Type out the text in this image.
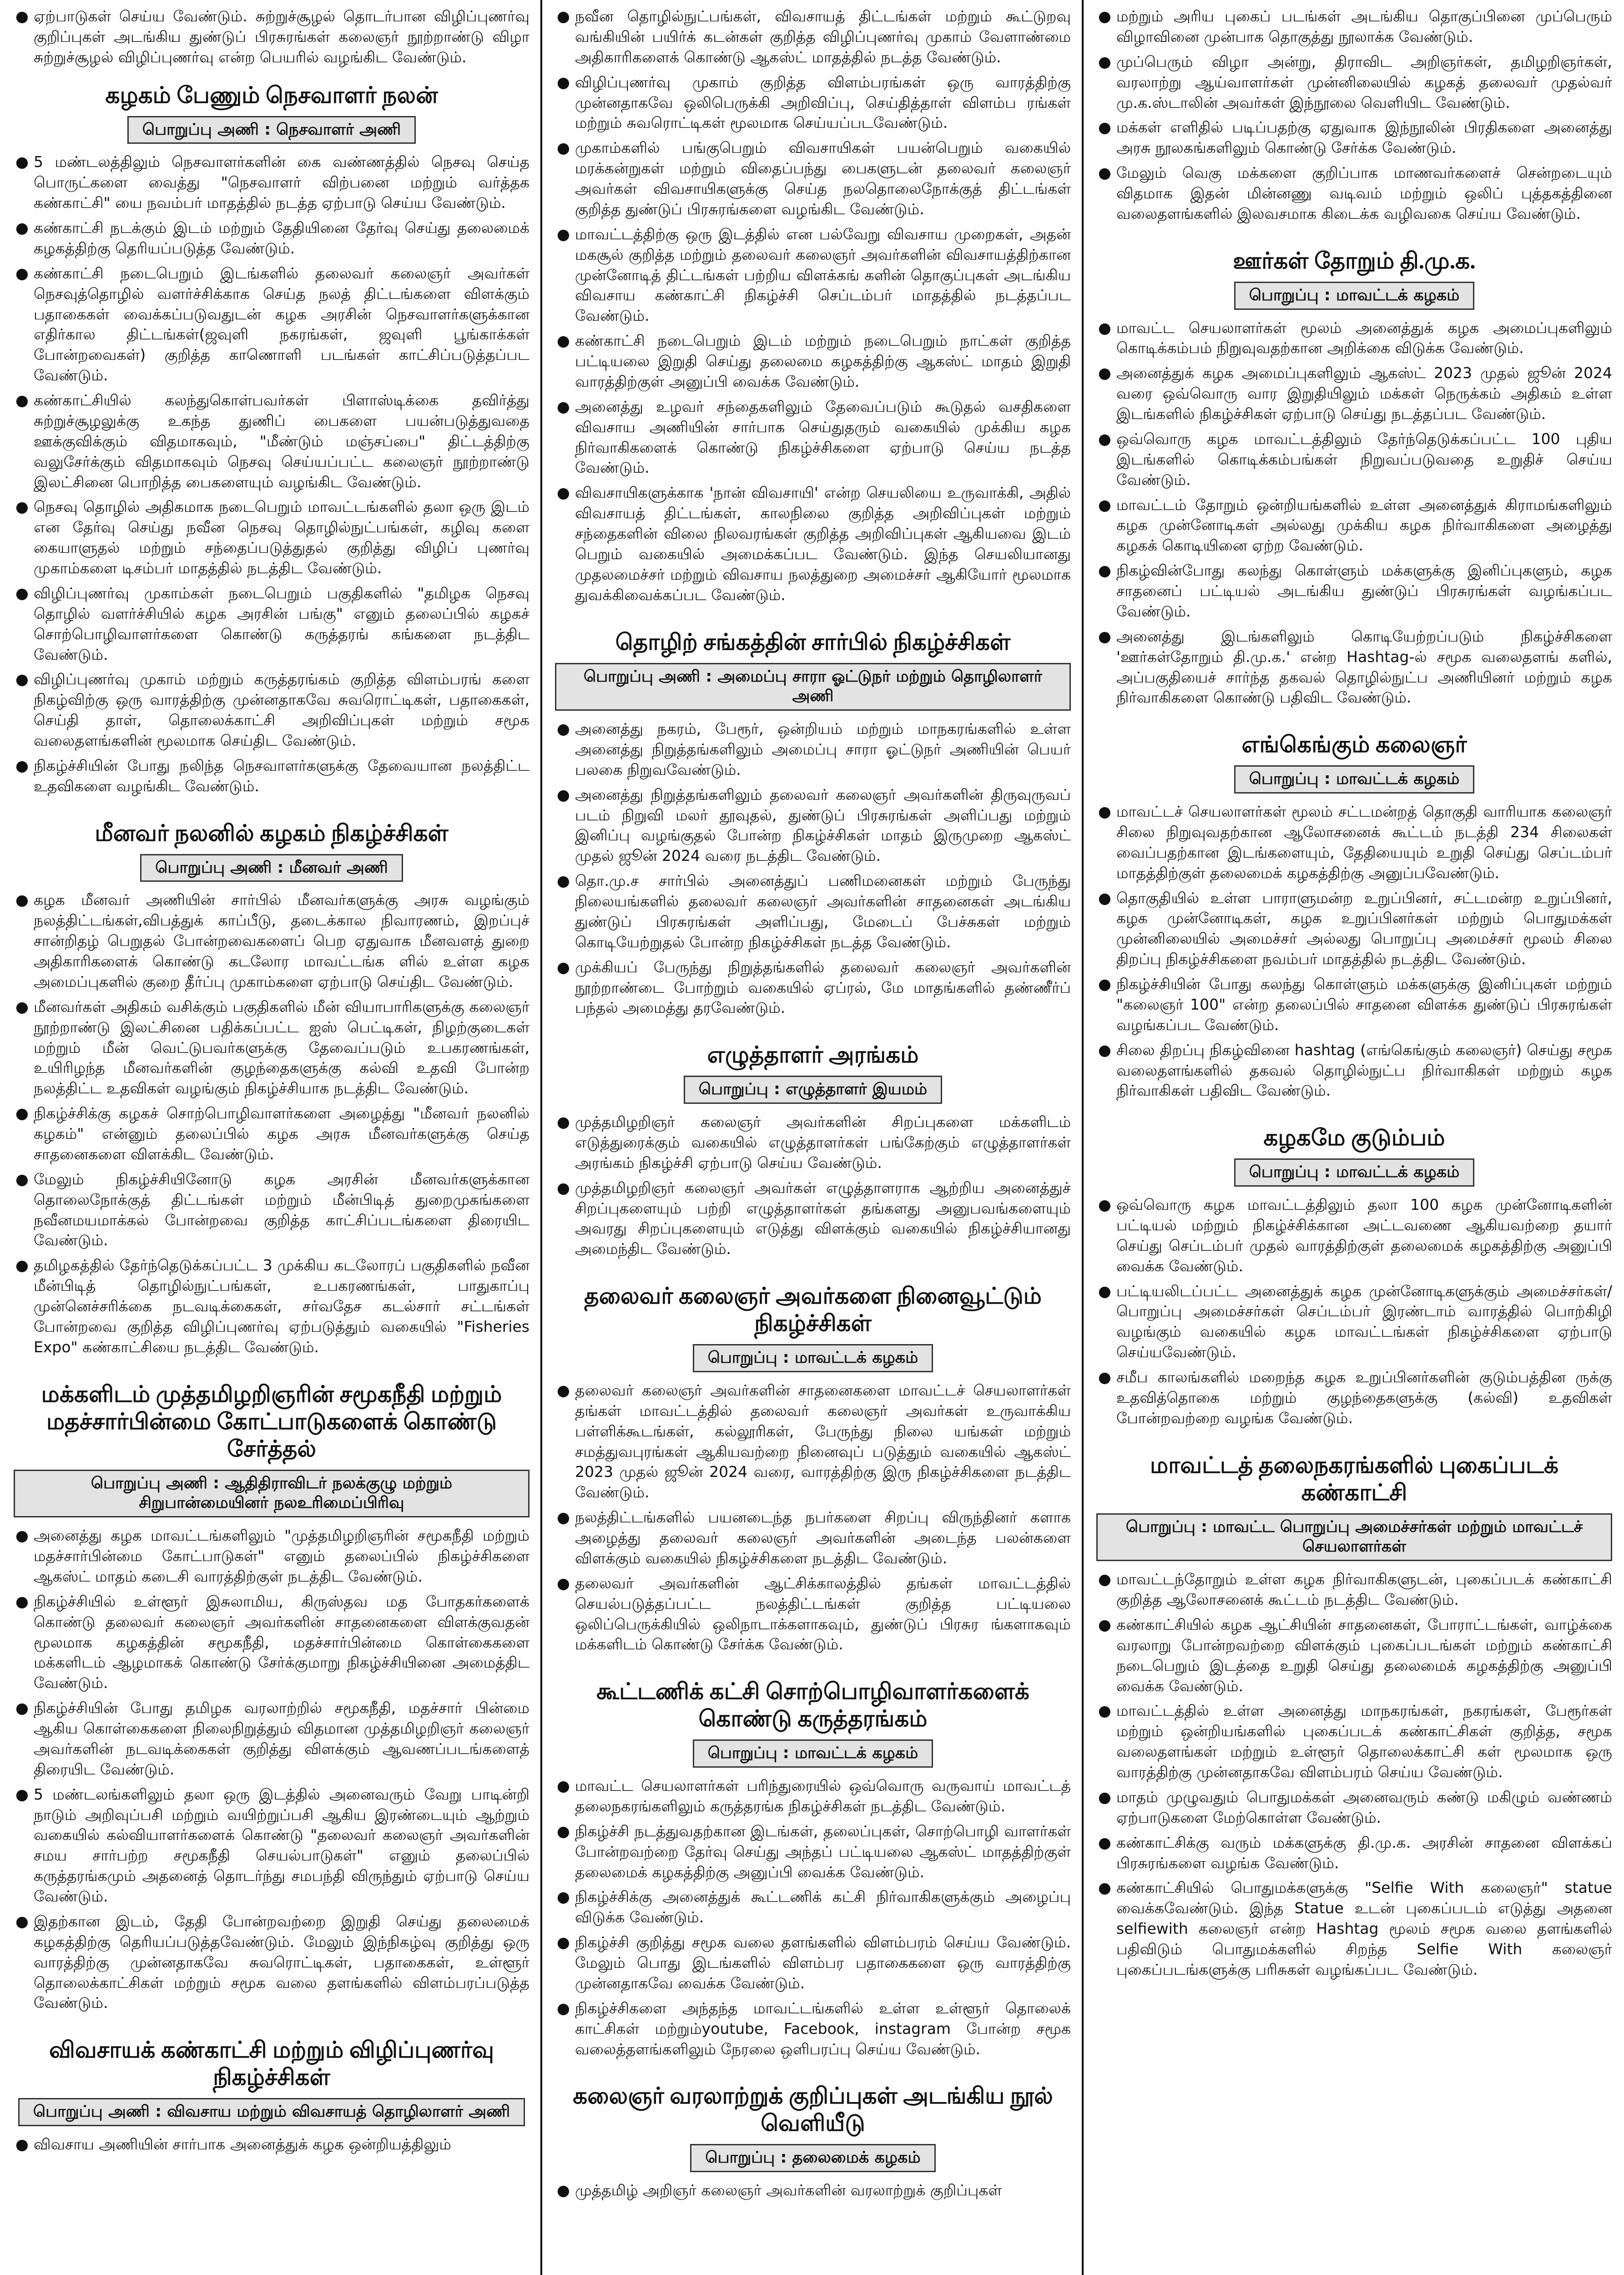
● ஏற்பாடுகள் செய்ய வேண்டும். சுற்றுச்சூழல் தொடர்பான விழிப்புணர்வு குறிப்புகள் அடங்கிய துண்டுப் பிரசுரங்கள் கலைஞர் நூற்றாண்டு விழா சுற்றுச்சூழல் விழிப்புணர்வு என்ற பெயரில் வழங்கிட வேண்டும்.
கழகம் பேணும் நெசவாளர் நலன்
பொறுப்பு அணி : நெசவாளர் அணி
● 5 மண்டலத்திலும் நெசவாளர்களின் கை வண்ணத்தில் நெசவு செய்த பொருட்களை வைத்து "நெசவாளர் விற்பனை மற்றும் வர்த்தக கண்காட்சி" யை நவம்பர் மாதத்தில் நடத்த ஏற்பாடு செய்ய வேண்டும்.
● கண்காட்சி நடக்கும் இடம் மற்றும் தேதியினை தேர்வு செய்து தலைமைக் கழகத்திற்கு தெரியப்படுத்த வேண்டும்.
● கண்காட்சி நடைபெறும் இடங்களில் தலைவர் கலைஞர் அவர்கள் நெசவுத்தொழில் வளர்ச்சிக்காக செய்த நலத் திட்டங்களை விளக்கும் பதாகைகள் வைக்கப்படுவதுடன் கழக அரசின் நெசவாளர்களுக்கான எதிர்கால திட்டங்கள்(ஜவுளி நகரங்கள், ஜவுளி பூங்காக்கள் போன்றவைகள்) குறித்த காணொளி படங்கள் காட்சிப்படுத்தப்பட வேண்டும்.
● கண்காட்சியில் கலந்துகொள்பவர்கள் பிளாஸ்டிக்கை தவிர்த்து சுற்றுச்சூழலுக்கு உகந்த துணிப் பைகளை பயன்படுத்துவதை ஊக்குவிக்கும் விதமாகவும், "மீண்டும் மஞ்சப்பை" திட்டத்திற்கு வலுசேர்க்கும் விதமாகவும் நெசவு செய்யப்பட்ட கலைஞர் நூற்றாண்டு இலட்சினை பொறித்த பைகளையும் வழங்கிட வேண்டும்.
● நெசவு தொழில் அதிகமாக நடைபெறும் மாவட்டங்களில் தலா ஒரு இடம் என தேர்வு செய்து நவீன நெசவு தொழில்நுட்பங்கள், கழிவு களை கையாளுதல் மற்றும் சந்தைப்படுத்துதல் குறித்து விழிப் புணர்வு முகாம்களை டிசம்பர் மாதத்தில் நடத்திட வேண்டும்.
● விழிப்புணர்வு முகாம்கள் நடைபெறும் பகுதிகளில் "தமிழக நெசவு தொழில் வளர்ச்சியில் கழக அரசின் பங்கு" எனும் தலைப்பில் கழகச் சொற்பொழிவாளர்களை கொண்டு கருத்தரங் கங்களை நடத்திட வேண்டும்.
● விழிப்புணர்வு முகாம் மற்றும் கருத்தரங்கம் குறித்த விளம்பரங் களை நிகழ்விற்கு ஒரு வாரத்திற்கு முன்னதாகவே சுவரொட்டிகள், பதாகைகள், செய்தி தாள், தொலைக்காட்சி அறிவிப்புகள் மற்றும் சமூக வலைதளங்களின் மூலமாக செய்திட வேண்டும்.
● நிகழ்ச்சியின் போது நலிந்த நெசவாளர்களுக்கு தேவையான நலத்திட்ட உதவிகளை வழங்கிட வேண்டும்.
மீனவர் நலனில் கழகம் நிகழ்ச்சிகள்
பொறுப்பு அணி : மீனவர் அணி
● கழக மீனவர் அணியின் சார்பில் மீனவர்களுக்கு அரசு வழங்கும் நலத்திட்டங்கள்,விபத்துக் காப்பீடு, தடைக்கால நிவாரணம், இறப்புச் சான்றிதழ் பெறுதல் போன்றவைகளைப் பெற ஏதுவாக மீனவளத் துறை அதிகாரிகளைக் கொண்டு கடலோர மாவட்டங்க ளில் உள்ள கழக அமைப்புகளில் குறை தீர்ப்பு முகாம்களை ஏற்பாடு செய்திட வேண்டும்.
● மீனவர்கள் அதிகம் வசிக்கும் பகுதிகளில் மீன் வியாபாரிகளுக்கு கலைஞர் நூற்றாண்டு இலட்சினை பதிக்கப்பட்ட ஐஸ் பெட்டிகள், நிழற்குடைகள் மற்றும் மீன் வெட்டுபவர்களுக்கு தேவைப்படும் உபகரணங்கள், உயிரிழந்த மீனவர்களின் குழந்தைகளுக்கு கல்வி உதவி போன்ற நலத்திட்ட உதவிகள் வழங்கும் நிகழ்ச்சியாக நடத்திட வேண்டும்.
● நிகழ்ச்சிக்கு கழகச் சொற்பொழிவாளர்களை அழைத்து "மீனவர் நலனில் கழகம்" என்னும் தலைப்பில் கழக அரசு மீனவர்களுக்கு செய்த சாதனைகளை விளக்கிட வேண்டும்.
● மேலும் நிகழ்ச்சியினோடு கழக அரசின் மீனவர்களுக்கான தொலைநோக்குத் திட்டங்கள் மற்றும் மீன்பிடித் துறைமுகங்களை நவீனமயமாக்கல் போன்றவை குறித்த காட்சிப்படங்களை திரையிட வேண்டும்.
● தமிழகத்தில் தேர்ந்தெடுக்கப்பட்ட 3 முக்கிய கடலோரப் பகுதிகளில் நவீன மீன்பிடித் தொழில்நுட்பங்கள், உபகரணங்கள், பாதுகாப்பு முன்னெச்சரிக்கை நடவடிக்கைகள், சர்வதேச கடல்சார் சட்டங்கள் போன்றவை குறித்த விழிப்புணர்வு ஏற்படுத்தும் வகையில் "Fisheries Expo" கண்காட்சியை நடத்திட வேண்டும்.
மக்களிடம் முத்தமிழறிஞரின் சமூகநீதி மற்றும் மதச்சார்பின்மை கோட்பாடுகளைக் கொண்டு சேர்த்தல்
பொறுப்பு அணி : ஆதிதிராவிடர் நலக்குழு மற்றும் சிறுபான்மையினர் நலஉரிமைப்பிரிவு
● அனைத்து கழக மாவட்டங்களிலும் "முத்தமிழறிஞரின் சமூகநீதி மற்றும் மதச்சார்பின்மை கோட்பாடுகள்" எனும் தலைப்பில் நிகழ்ச்சிகளை ஆகஸ்ட் மாதம் கடைசி வாரத்திற்குள் நடத்திட வேண்டும்.
● நிகழ்ச்சியில் உள்ளூர் இசுலாமிய, கிருஸ்தவ மத போதகர்களைக் கொண்டு தலைவர் கலைஞர் அவர்களின் சாதனைகளை விளக்குவதன் மூலமாக கழகத்தின் சமூகநீதி, மதச்சார்பின்மை கொள்கைகளை மக்களிடம் ஆழமாகக் கொண்டு சேர்க்குமாறு நிகழ்ச்சியினை அமைத்திட வேண்டும்.
● நிகழ்ச்சியின் போது தமிழக வரலாற்றில் சமூகநீதி, மதச்சார் பின்மை ஆகிய கொள்கைகளை நிலைநிறுத்தும் விதமான முத்தமிழறிஞர் கலைஞர் அவர்களின் நடவடிக்கைகள் குறித்து விளக்கும் ஆவணப்படங்களைத் திரையிட வேண்டும்.
● 5 மண்டலங்களிலும் தலா ஒரு இடத்தில் அனைவரும் வேறு பாடின்றி நாடும் அறிவுப்பசி மற்றும் வயிற்றுப்பசி ஆகிய இரண்டையும் ஆற்றும் வகையில் கல்வியாளர்களைக் கொண்டு "தலைவர் கலைஞர் அவர்களின் சமய சார்பற்ற சமூகநீதி செயல்பாடுகள்" எனும் தலைப்பில் கருத்தரங்கமும் அதனைத் தொடர்ந்து சமபந்தி விருந்தும் ஏற்பாடு செய்ய வேண்டும்.
● இதற்கான இடம், தேதி போன்றவற்றை இறுதி செய்து தலைமைக் கழகத்திற்கு தெரியப்படுத்தவேண்டும். மேலும் இந்நிகழ்வு குறித்து ஒரு வாரத்திற்கு முன்னதாகவே சுவரொட்டிகள், பதாகைகள், உள்ளூர் தொலைக்காட்சிகள் மற்றும் சமூக வலை தளங்களில் விளம்பரப்படுத்த வேண்டும்.
விவசாயக் கண்காட்சி மற்றும் விழிப்புணர்வு நிகழ்ச்சிகள்
பொறுப்பு அணி : விவசாய மற்றும் விவசாயத் தொழிலாளர் அணி
● விவசாய அணியின் சார்பாக அனைத்துக் கழக ஒன்றியத்திலும்
● நவீன தொழில்நுட்பங்கள், விவசாயத் திட்டங்கள் மற்றும் கூட்டுறவு வங்கியின் பயிர்க் கடன்கள் குறித்த விழிப்புணர்வு முகாம் வேளாண்மை அதிகாரிகளைக் கொண்டு ஆகஸ்ட் மாதத்தில் நடத்த வேண்டும்.
● விழிப்புணர்வு முகாம் குறித்த விளம்பரங்கள் ஒரு வாரத்திற்கு முன்னதாகவே ஒலிபெருக்கி அறிவிப்பு, செய்தித்தாள் விளம்ப ரங்கள் மற்றும் சுவரொட்டிகள் மூலமாக செய்யப்படவேண்டும்.
● முகாம்களில் பங்குபெறும் விவசாயிகள் பயன்பெறும் வகையில் மரக்கன்றுகள் மற்றும் விதைப்பந்து பைகளுடன் தலைவர் கலைஞர் அவர்கள் விவசாயிகளுக்கு செய்த நலதொலைநோக்குத் திட்டங்கள் குறித்த துண்டுப் பிரசுரங்களை வழங்கிட வேண்டும்.
● மாவட்டத்திற்கு ஒரு இடத்தில் என பல்வேறு விவசாய முறைகள், அதன் மகசூல் குறித்த மற்றும் தலைவர் கலைஞர் அவர்களின் விவசாயத்திற்கான முன்னோடித் திட்டங்கள் பற்றிய விளக்கங் களின் தொகுப்புகள் அடங்கிய விவசாய கண்காட்சி நிகழ்ச்சி செப்டம்பர் மாதத்தில் நடத்தப்பட வேண்டும்.
● கண்காட்சி நடைபெறும் இடம் மற்றும் நடைபெறும் நாட்கள் குறித்த பட்டியலை இறுதி செய்து தலைமை கழகத்திற்கு ஆகஸ்ட் மாதம் இறுதி வாரத்திற்குள் அனுப்பி வைக்க வேண்டும்.
● அனைத்து உழவர் சந்தைகளிலும் தேவைப்படும் கூடுதல் வசதிகளை விவசாய அணியின் சார்பாக செய்துதரும் வகையில் முக்கிய கழக நிர்வாகிகளைக் கொண்டு நிகழ்ச்சிகளை ஏற்பாடு செய்ய நடத்த வேண்டும்.
● விவசாயிகளுக்காக 'நான் விவசாயி' என்ற செயலியை உருவாக்கி, அதில் விவசாயத் திட்டங்கள், காலநிலை குறித்த அறிவிப்புகள் மற்றும் சந்தைகளின் விலை நிலவரங்கள் குறித்த அறிவிப்புகள் ஆகியவை இடம் பெறும் வகையில் அமைக்கப்பட வேண்டும். இந்த செயலியானது முதலமைச்சர் மற்றும் விவசாய நலத்துறை அமைச்சர் ஆகியோர் மூலமாக துவக்கிவைக்கப்பட வேண்டும்.
தொழிற் சங்கத்தின் சார்பில் நிகழ்ச்சிகள்
பொறுப்பு அணி : அமைப்பு சாரா ஓட்டுநர் மற்றும் தொழிலாளர் அணி
● அனைத்து நகரம், பேரூர், ஒன்றியம் மற்றும் மாநகரங்களில் உள்ள அனைத்து நிறுத்தங்களிலும் அமைப்பு சாரா ஓட்டுநர் அணியின் பெயர் பலகை நிறுவவேண்டும்.
● அனைத்து நிறுத்தங்களிலும் தலைவர் கலைஞர் அவர்களின் திருவுருவப் படம் நிறுவி மலர் தூவுதல், துண்டுப் பிரசுரங்கள் அளிப்பது மற்றும் இனிப்பு வழங்குதல் போன்ற நிகழ்ச்சிகள் மாதம் இருமுறை ஆகஸ்ட் முதல் ஜூன் 2024 வரை நடத்திட வேண்டும்.
● தொ.மு.ச சார்பில் அனைத்துப் பணிமனைகள் மற்றும் பேருந்து நிலையங்களில் தலைவர் கலைஞர் அவர்களின் சாதனைகள் அடங்கிய துண்டுப் பிரசுரங்கள் அளிப்பது, மேடைப் பேச்சுகள் மற்றும் கொடியேற்றுதல் போன்ற நிகழ்ச்சிகள் நடத்த வேண்டும்.
● முக்கியப் பேருந்து நிறுத்தங்களில் தலைவர் கலைஞர் அவர்களின் நூற்றாண்டை போற்றும் வகையில் ஏப்ரல், மே மாதங்களில் தண்ணீர்ப் பந்தல் அமைத்து தரவேண்டும்.
எழுத்தாளர் அரங்கம்
பொறுப்பு : எழுத்தாளர் இயமம்
● முத்தமிழறிஞர் கலைஞர் அவர்களின் சிறப்புகளை மக்களிடம் எடுத்துரைக்கும் வகையில் எழுத்தாளர்கள் பங்கேற்கும் எழுத்தாளர்கள் அரங்கம் நிகழ்ச்சி ஏற்பாடு செய்ய வேண்டும்.
● முத்தமிழறிஞர் கலைஞர் அவர்கள் எழுத்தாளராக ஆற்றிய அனைத்துச் சிறப்புகளையும் பற்றி எழுத்தாளர்கள் தங்களது அனுபவங்களையும் அவரது சிறப்புகளையும் எடுத்து விளக்கும் வகையில் நிகழ்ச்சியானது அமைந்திட வேண்டும்.
தலைவர் கலைஞர் அவர்களை நினைவூட்டும் நிகழ்ச்சிகள்
பொறுப்பு : மாவட்டக் கழகம்
● தலைவர் கலைஞர் அவர்களின் சாதனைகளை மாவட்டச் செயலாளர்கள் தங்கள் மாவட்டத்தில் தலைவர் கலைஞர் அவர்கள் உருவாக்கிய பள்ளிக்கூடங்கள், கல்லூரிகள், பேருந்து நிலை யங்கள் மற்றும் சமத்துவபுரங்கள் ஆகியவற்றை நினைவுப் படுத்தும் வகையில் ஆகஸ்ட் 2023 முதல் ஜூன் 2024 வரை, வாரத்திற்கு இரு நிகழ்ச்சிகளை நடத்திட வேண்டும்.
● நலத்திட்டங்களில் பயனடைந்த நபர்களை சிறப்பு விருந்தினர் களாக அழைத்து தலைவர் கலைஞர் அவர்களின் அடைந்த பலன்களை விளக்கும் வகையில் நிகழ்ச்சிகளை நடத்திட வேண்டும்.
● தலைவர் அவர்களின் ஆட்சிக்காலத்தில் தங்கள் மாவட்டத்தில் செயல்படுத்தப்பட்ட நலத்திட்டங்கள் குறித்த பட்டியலை ஒலிப்பெருக்கியில் ஒலிநாடாக்களாகவும், துண்டுப் பிரசுர ங்களாகவும் மக்களிடம் கொண்டு சேர்க்க வேண்டும்.
கூட்டணிக் கட்சி சொற்பொழிவாளர்களைக் கொண்டு கருத்தரங்கம்
பொறுப்பு : மாவட்டக் கழகம்
● மாவட்ட செயலாளர்கள் பரிந்துரையில் ஒவ்வொரு வருவாய் மாவட்டத் தலைநகரங்களிலும் கருத்தரங்க நிகழ்ச்சிகள் நடத்திட வேண்டும்.
● நிகழ்ச்சி நடத்துவதற்கான இடங்கள், தலைப்புகள், சொற்பொழி வாளர்கள் போன்றவற்றை தேர்வு செய்து அந்தப் பட்டியலை ஆகஸ்ட் மாதத்திற்குள் தலைமைக் கழகத்திற்கு அனுப்பி வைக்க வேண்டும்.
● நிகழ்ச்சிக்கு அனைத்துக் கூட்டணிக் கட்சி நிர்வாகிகளுக்கும் அழைப்பு விடுக்க வேண்டும்.
● நிகழ்ச்சி குறித்து சமூக வலை தளங்களில் விளம்பரம் செய்ய வேண்டும். மேலும் பொது இடங்களில் விளம்பர பதாகைகளை ஒரு வாரத்திற்கு முன்னதாகவே வைக்க வேண்டும்.
● நிகழ்ச்சிகளை அந்தந்த மாவட்டங்களில் உள்ள உள்ளூர் தொலைக் காட்சிகள் மற்றும்youtube, Facebook, instagram போன்ற சமூக வலைத்தளங்களிலும் நேரலை ஒளிபரப்பு செய்ய வேண்டும்.
கலைஞர் வரலாற்றுக் குறிப்புகள் அடங்கிய நூல் வெளியீடு
பொறுப்பு : தலைமைக் கழகம்
● முத்தமிழ் அறிஞர் கலைஞர் அவர்களின் வரலாற்றுக் குறிப்புகள்
● மற்றும் அரிய புகைப் படங்கள் அடங்கிய தொகுப்பினை முப்பெரும் விழாவினை முன்பாக தொகுத்து நூலாக்க வேண்டும்.
● முப்பெரும் விழா அன்று, திராவிட அறிஞர்கள், தமிழறிஞர்கள், வரலாற்று ஆய்வாளர்கள் முன்னிலையில் கழகத் தலைவர் முதல்வர் மு.க.ஸ்டாலின் அவர்கள் இந்நூலை வெளியிட வேண்டும்.
● மக்கள் எளிதில் படிப்பதற்கு ஏதுவாக இந்நூலின் பிரதிகளை அனைத்து அரசு நூலகங்களிலும் கொண்டு சேர்க்க வேண்டும்.
● மேலும் வெகு மக்களை குறிப்பாக மாணவர்களைச் சென்றடையும் விதமாக இதன் மின்னணு வடிவம் மற்றும் ஒலிப் புத்தகத்தினை வலைதளங்களில் இலவசமாக கிடைக்க வழிவகை செய்ய வேண்டும்.
ஊர்கள் தோறும் தி.மு.க.
பொறுப்பு : மாவட்டக் கழகம்
● மாவட்ட செயலாளர்கள் மூலம் அனைத்துக் கழக அமைப்புகளிலும் கொடிக்கம்பம் நிறுவுவதற்கான அறிக்கை விடுக்க வேண்டும்.
● அனைத்துக் கழக அமைப்புகளிலும் ஆகஸ்ட் 2023 முதல் ஜூன் 2024 வரை ஒவ்வொரு வார இறுதியிலும் மக்கள் நெருக்கம் அதிகம் உள்ள இடங்களில் நிகழ்ச்சிகள் ஏற்பாடு செய்து நடத்தப்பட வேண்டும்.
● ஒவ்வொரு கழக மாவட்டத்திலும் தேர்ந்தெடுக்கப்பட்ட 100 புதிய இடங்களில் கொடிக்கம்பங்கள் நிறுவப்படுவதை உறுதிச் செய்ய வேண்டும்.
● மாவட்டம் தோறும் ஒன்றியங்களில் உள்ள அனைத்துக் கிராமங்களிலும் கழக முன்னோடிகள் அல்லது முக்கிய கழக நிர்வாகிகளை அழைத்து கழகக் கொடியினை ஏற்ற வேண்டும்.
● நிகழ்வின்போது கலந்து கொள்ளும் மக்களுக்கு இனிப்புகளும், கழக சாதனைப் பட்டியல் அடங்கிய துண்டுப் பிரசுரங்கள் வழங்கப்பட வேண்டும்.
● அனைத்து இடங்களிலும் கொடியேற்றப்படும் நிகழ்ச்சிகளை 'ஊர்கள்தோறும் தி.மு.க.' என்ற Hashtag-ல் சமூக வலைதளங் களில், அப்பகுதியைச் சார்ந்த தகவல் தொழில்நுட்ப அணியினர் மற்றும் கழக நிர்வாகிகளை கொண்டு பதிவிட வேண்டும்.
எங்கெங்கும் கலைஞர்
பொறுப்பு : மாவட்டக் கழகம்
● மாவட்டச் செயலாளர்கள் மூலம் சட்டமன்றத் தொகுதி வாரியாக கலைஞர் சிலை நிறுவுவதற்கான ஆலோசனைக் கூட்டம் நடத்தி 234 சிலைகள் வைப்பதற்கான இடங்களையும், தேதியையும் உறுதி செய்து செப்டம்பர் மாதத்திற்குள் தலைமைக் கழகத்திற்கு அனுப்பவேண்டும்.
● தொகுதியில் உள்ள பாராளுமன்ற உறுப்பினர், சட்டமன்ற உறுப்பினர், கழக முன்னோடிகள், கழக உறுப்பினர்கள் மற்றும் பொதுமக்கள் முன்னிலையில் அமைச்சர் அல்லது பொறுப்பு அமைச்சர் மூலம் சிலை திறப்பு நிகழ்ச்சிகளை நவம்பர் மாதத்தில் நடத்திட வேண்டும்.
● நிகழ்ச்சியின் போது கலந்து கொள்ளும் மக்களுக்கு இனிப்புகள் மற்றும் "கலைஞர் 100" என்ற தலைப்பில் சாதனை விளக்க துண்டுப் பிரசுரங்கள் வழங்கப்பட வேண்டும்.
● சிலை திறப்பு நிகழ்வினை hashtag (எங்கெங்கும் கலைஞர்) செய்து சமூக வலைதளங்களில் தகவல் தொழில்நுட்ப நிர்வாகிகள் மற்றும் கழக நிர்வாகிகள் பதிவிட வேண்டும்.
கழகமே குடும்பம்
பொறுப்பு : மாவட்டக் கழகம்
● ஒவ்வொரு கழக மாவட்டத்திலும் தலா 100 கழக முன்னோடிகளின் பட்டியல் மற்றும் நிகழ்ச்சிக்கான அட்டவணை ஆகியவற்றை தயார் செய்து செப்டம்பர் முதல் வாரத்திற்குள் தலைமைக் கழகத்திற்கு அனுப்பி வைக்க வேண்டும்.
● பட்டியலிடப்பட்ட அனைத்துக் கழக முன்னோடிகளுக்கும் அமைச்சர்கள்/பொறுப்பு அமைச்சர்கள் செப்டம்பர் இரண்டாம் வாரத்தில் பொற்கிழி வழங்கும் வகையில் கழக மாவட்டங்கள் நிகழ்ச்சிகளை ஏற்பாடு செய்யவேண்டும்.
● சமீப காலங்களில் மறைந்த கழக உறுப்பினர்களின் குடும்பத்தின ருக்கு உதவித்தொகை மற்றும் குழந்தைகளுக்கு (கல்வி) உதவிகள் போன்றவற்றை வழங்க வேண்டும்.
மாவட்டத் தலைநகரங்களில் புகைப்படக் கண்காட்சி
பொறுப்பு : மாவட்ட பொறுப்பு அமைச்சர்கள் மற்றும் மாவட்டச் செயலாளர்கள்
● மாவட்டந்தோறும் உள்ள கழக நிர்வாகிகளுடன், புகைப்படக் கண்காட்சி குறித்த ஆலோசனைக் கூட்டம் நடத்திட வேண்டும்.
● கண்காட்சியில் கழக ஆட்சியின் சாதனைகள், போராட்டங்கள், வாழ்க்கை வரலாறு போன்றவற்றை விளக்கும் புகைப்படங்கள் மற்றும் கண்காட்சி நடைபெறும் இடத்தை உறுதி செய்து தலைமைக் கழகத்திற்கு அனுப்பி வைக்க வேண்டும்.
● மாவட்டத்தில் உள்ள அனைத்து மாநகரங்கள், நகரங்கள், பேரூர்கள் மற்றும் ஒன்றியங்களில் புகைப்படக் கண்காட்சிகள் குறித்த, சமூக வலைதளங்கள் மற்றும் உள்ளூர் தொலைக்காட்சி கள் மூலமாக ஒரு வாரத்திற்கு முன்னதாகவே விளம்பரம் செய்ய வேண்டும்.
● மாதம் முழுவதும் பொதுமக்கள் அனைவரும் கண்டு மகிழும் வண்ணம் ஏற்பாடுகளை மேற்கொள்ள வேண்டும்.
● கண்காட்சிக்கு வரும் மக்களுக்கு தி.மு.க. அரசின் சாதனை விளக்கப் பிரசுரங்களை வழங்க வேண்டும்.
● கண்காட்சியில் பொதுமக்களுக்கு "Selfie With கலைஞர்" statue வைக்கவேண்டும். இந்த Statue உடன் புகைப்படம் எடுத்து அதனை selfiewith கலைஞர் என்ற Hashtag மூலம் சமூக வலை தளங்களில் பதிவிடும் பொதுமக்களில் சிறந்த Selfie With கலைஞர் புகைப்படங்களுக்கு பரிசுகள் வழங்கப்பட வேண்டும்.
